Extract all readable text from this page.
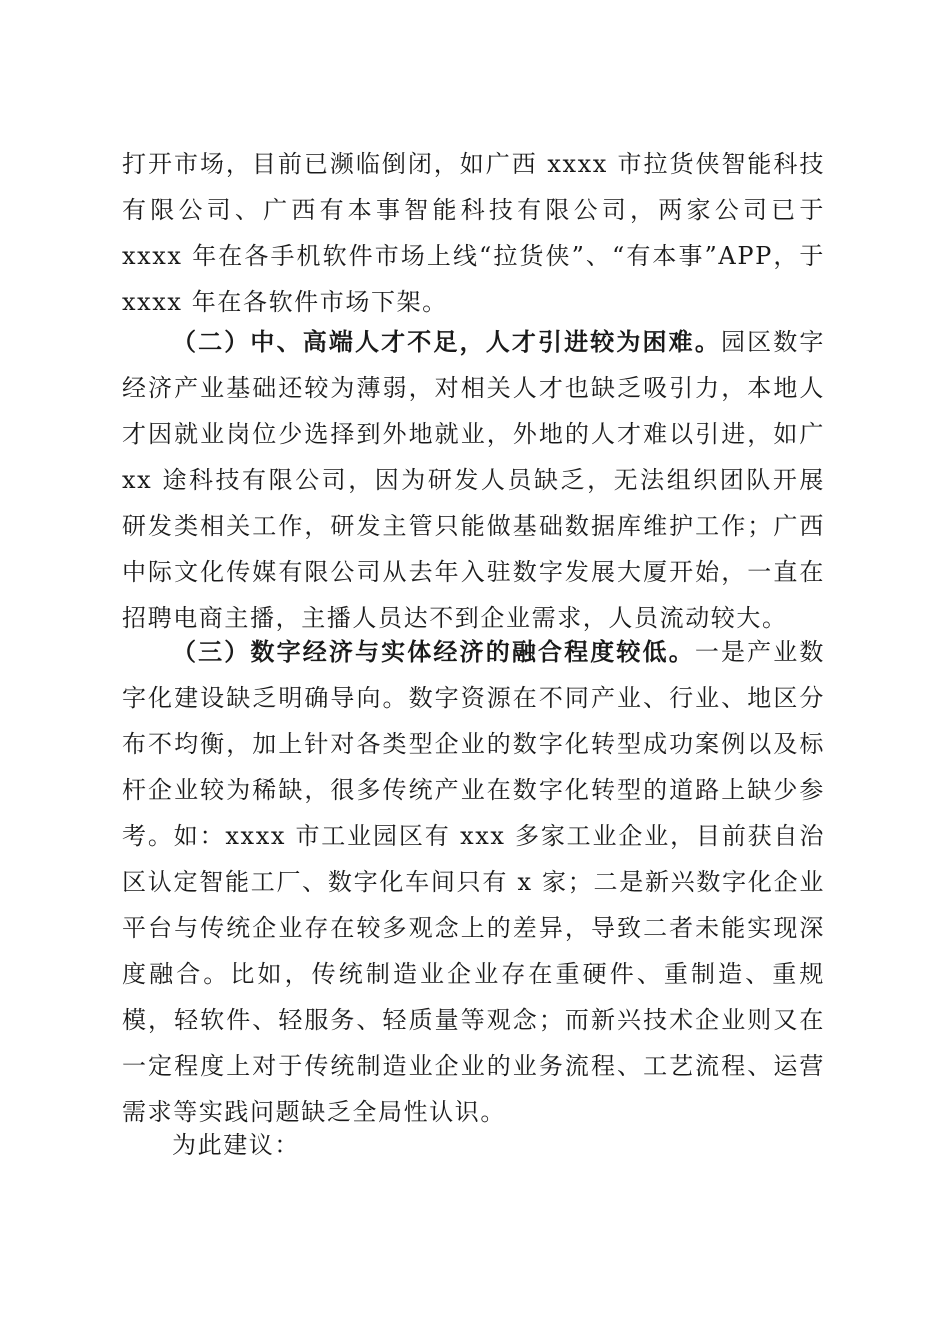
打开市场，目前已濒临倒闭，如广西 xxxx 市拉货侠智能科技有限公司、广西有本事智能科技有限公司，两家公司已于 xxxx 年在各手机软件市场上线“拉货侠”、“有本事”APP，于 xxxx 年在各软件市场下架。

（二）中、高端人才不足，人才引进较为困难。园区数字经济产业基础还较为薄弱，对相关人才也缺乏吸引力，本地人才因就业岗位少选择到外地就业，外地的人才难以引进，如广 xx 途科技有限公司，因为研发人员缺乏，无法组织团队开展研发类相关工作，研发主管只能做基础数据库维护工作；广西中际文化传媒有限公司从去年入驻数字发展大厦开始，一直在招聘电商主播，主播人员达不到企业需求，人员流动较大。

（三）数字经济与实体经济的融合程度较低。一是产业数字化建设缺乏明确导向。数字资源在不同产业、行业、地区分布不均衡，加上针对各类型企业的数字化转型成功案例以及标杆企业较为稀缺，很多传统产业在数字化转型的道路上缺少参考。如：xxxx 市工业园区有 xxx 多家工业企业，目前获自治区认定智能工厂、数字化车间只有 x 家；二是新兴数字化企业平台与传统企业存在较多观念上的差异，导致二者未能实现深度融合。比如，传统制造业企业存在重硬件、重制造、重规模，轻软件、轻服务、轻质量等观念；而新兴技术企业则又在一定程度上对于传统制造业企业的业务流程、工艺流程、运营需求等实践问题缺乏全局性认识。

为此建议：
